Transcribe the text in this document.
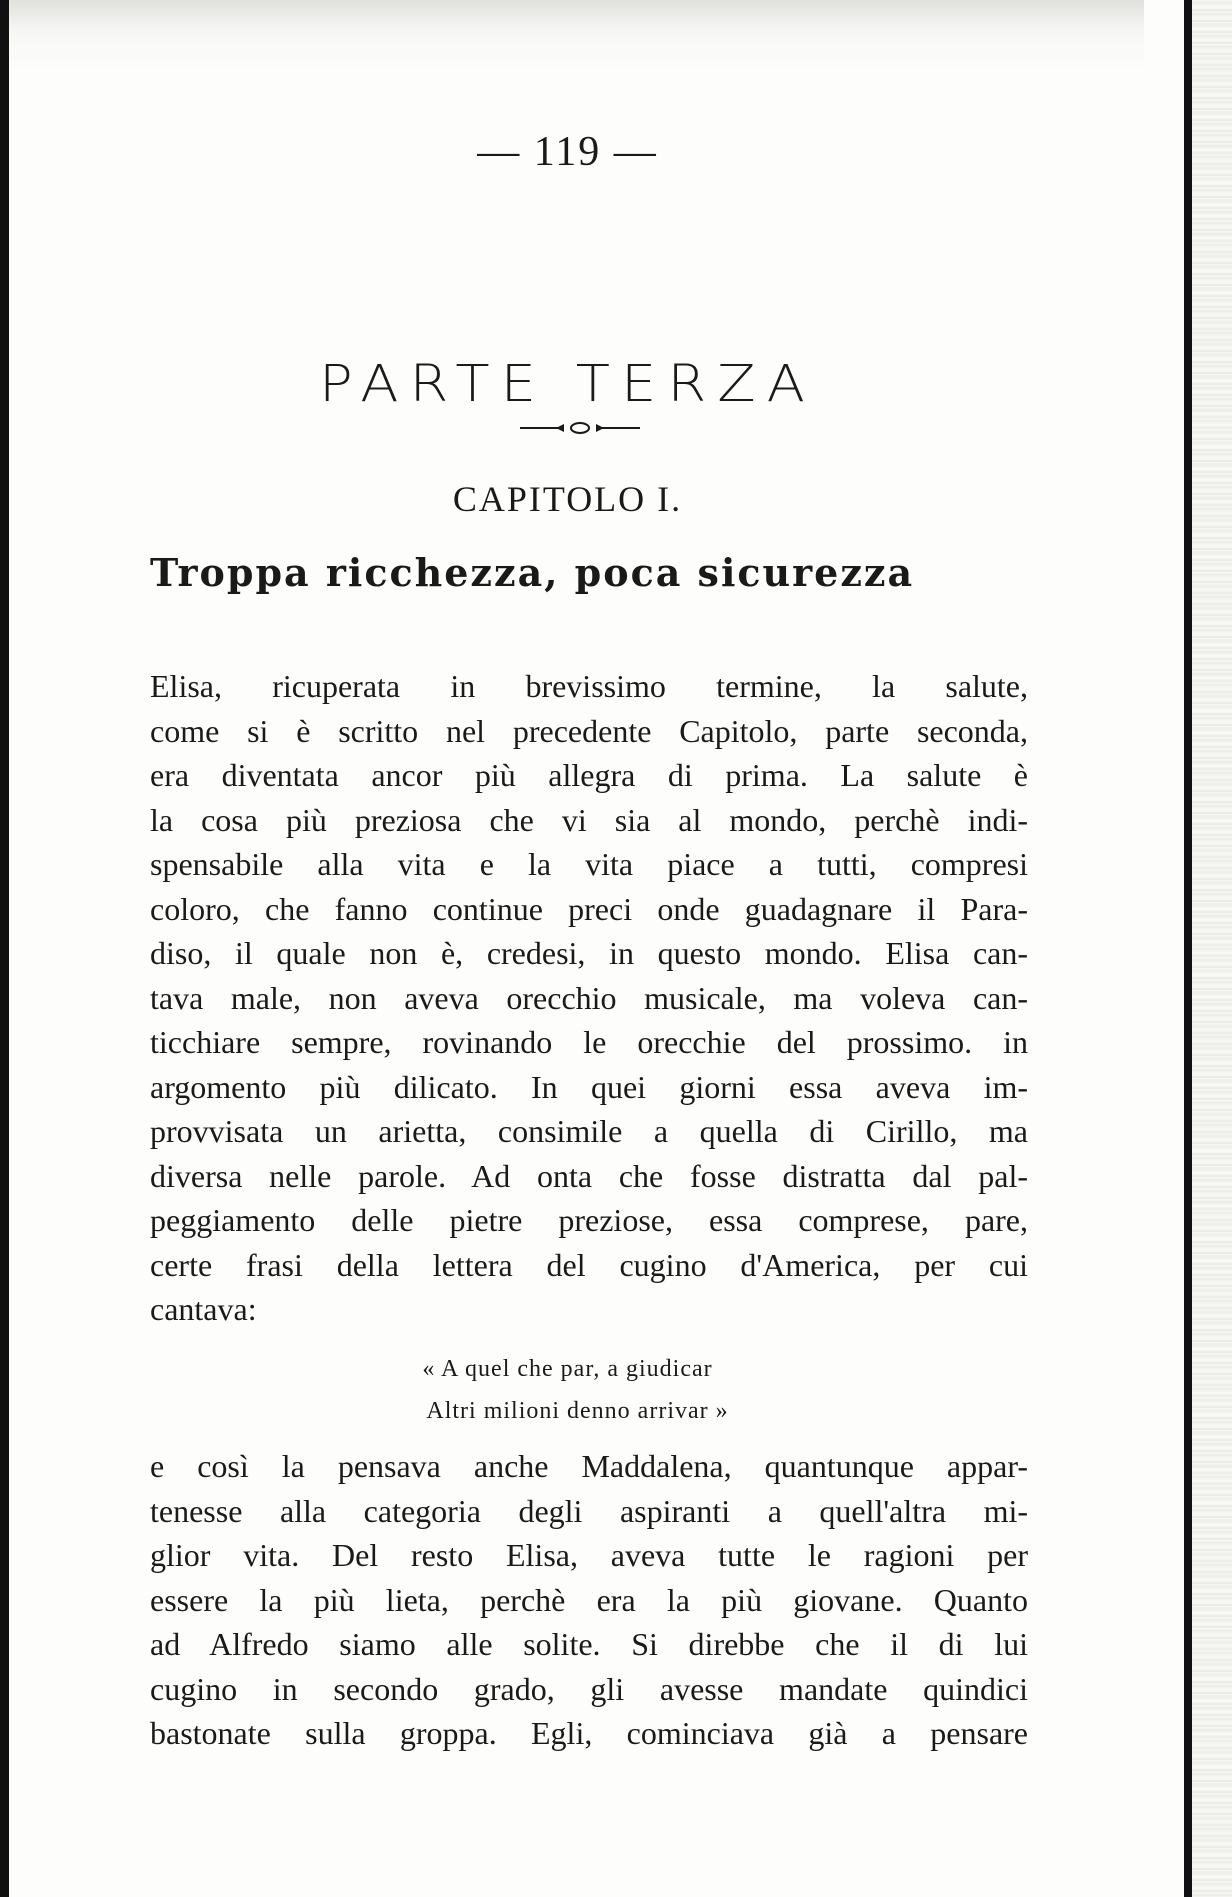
— 119 —
PARTE TERZA
CAPITOLO I.
Troppa ricchezza, poca sicurezza
Elisa, ricuperata in brevissimo termine, la salute,
come si è scritto nel precedente Capitolo, parte seconda,
era diventata ancor più allegra di prima. La salute è
la cosa più preziosa che vi sia al mondo, perchè indi-
spensabile alla vita e la vita piace a tutti, compresi
coloro, che fanno continue preci onde guadagnare il Para-
diso, il quale non è, credesi, in questo mondo. Elisa can-
tava male, non aveva orecchio musicale, ma voleva can-
ticchiare sempre, rovinando le orecchie del prossimo. in
argomento più dilicato. In quei giorni essa aveva im-
provvisata un arietta, consimile a quella di Cirillo, ma
diversa nelle parole. Ad onta che fosse distratta dal pal-
peggiamento delle pietre preziose, essa comprese, pare,
certe frasi della lettera del cugino d'America, per cui
cantava:
« A quel che par, a giudicar
Altri milioni denno arrivar »
e così la pensava anche Maddalena, quantunque appar-
tenesse alla categoria degli aspiranti a quell'altra mi-
glior vita. Del resto Elisa, aveva tutte le ragioni per
essere la più lieta, perchè era la più giovane. Quanto
ad Alfredo siamo alle solite. Si direbbe che il di lui
cugino in secondo grado, gli avesse mandate quindici
bastonate sulla groppa. Egli, cominciava già a pensare
